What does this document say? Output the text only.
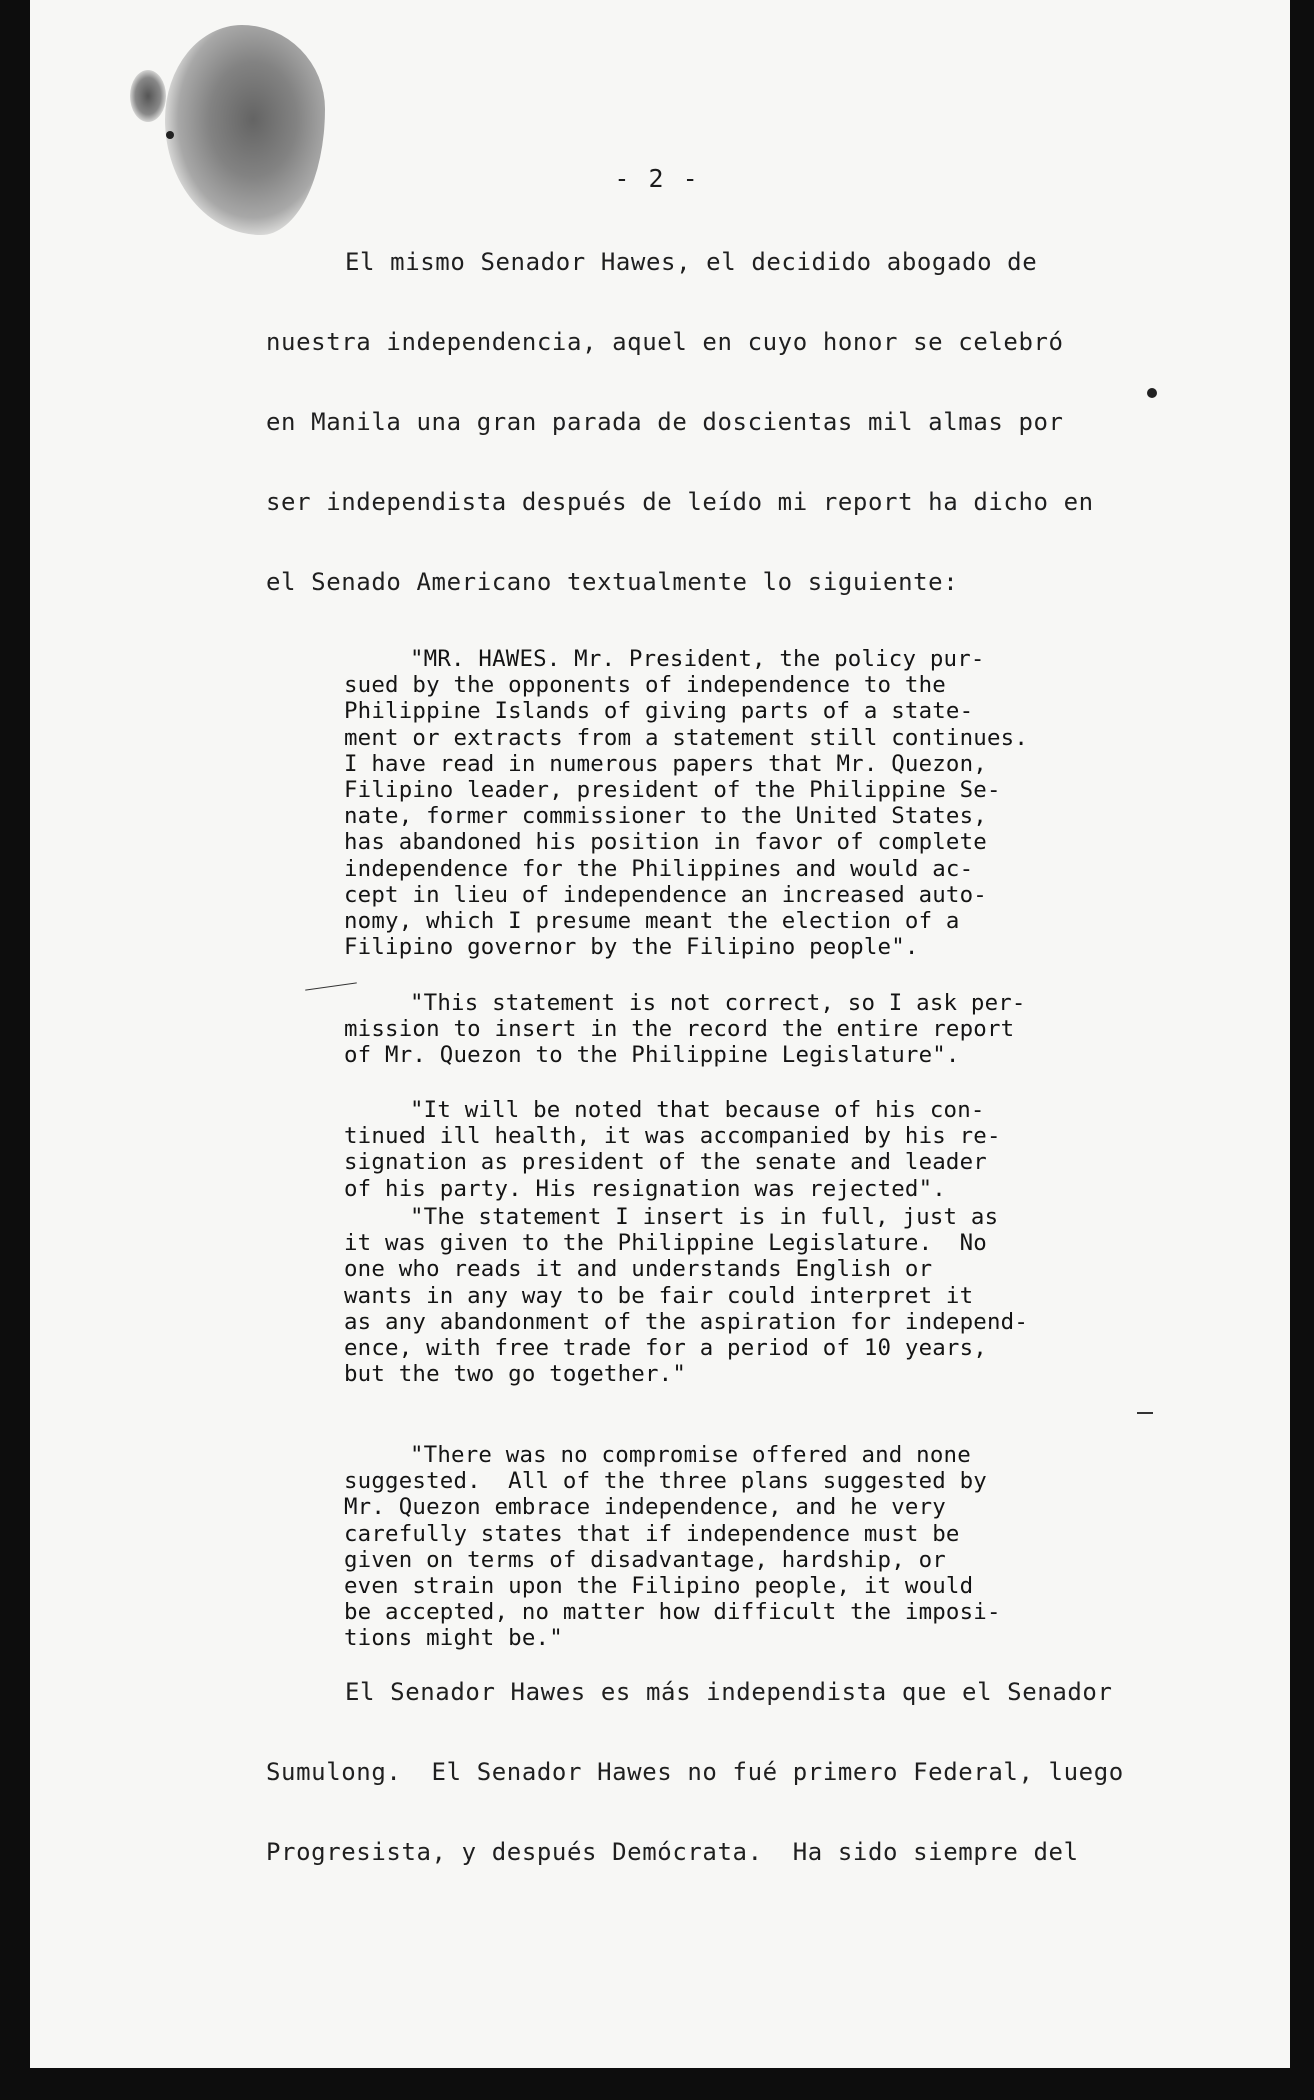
- 2 -
El mismo Senador Hawes, el decidido abogado de
nuestra independencia, aquel en cuyo honor se celebró
en Manila una gran parada de doscientas mil almas por
ser independista después de leído mi report ha dicho en
el Senado Americano textualmente lo siguiente:
"MR. HAWES. Mr. President, the policy pur-
sued by the opponents of independence to the
Philippine Islands of giving parts of a state-
ment or extracts from a statement still continues.
I have read in numerous papers that Mr. Quezon,
Filipino leader, president of the Philippine Se-
nate, former commissioner to the United States,
has abandoned his position in favor of complete
independence for the Philippines and would ac-
cept in lieu of independence an increased auto-
nomy, which I presume meant the election of a
Filipino governor by the Filipino people".
"This statement is not correct, so I ask per-
mission to insert in the record the entire report
of Mr. Quezon to the Philippine Legislature".
"It will be noted that because of his con-
tinued ill health, it was accompanied by his re-
signation as president of the senate and leader
of his party. His resignation was rejected".
"The statement I insert is in full, just as
it was given to the Philippine Legislature.  No
one who reads it and understands English or
wants in any way to be fair could interpret it
as any abandonment of the aspiration for independ-
ence, with free trade for a period of 10 years,
but the two go together."
"There was no compromise offered and none
suggested.  All of the three plans suggested by
Mr. Quezon embrace independence, and he very
carefully states that if independence must be
given on terms of disadvantage, hardship, or
even strain upon the Filipino people, it would
be accepted, no matter how difficult the imposi-
tions might be."
El Senador Hawes es más independista que el Senador
Sumulong.  El Senador Hawes no fué primero Federal, luego
Progresista, y después Demócrata.  Ha sido siempre del
